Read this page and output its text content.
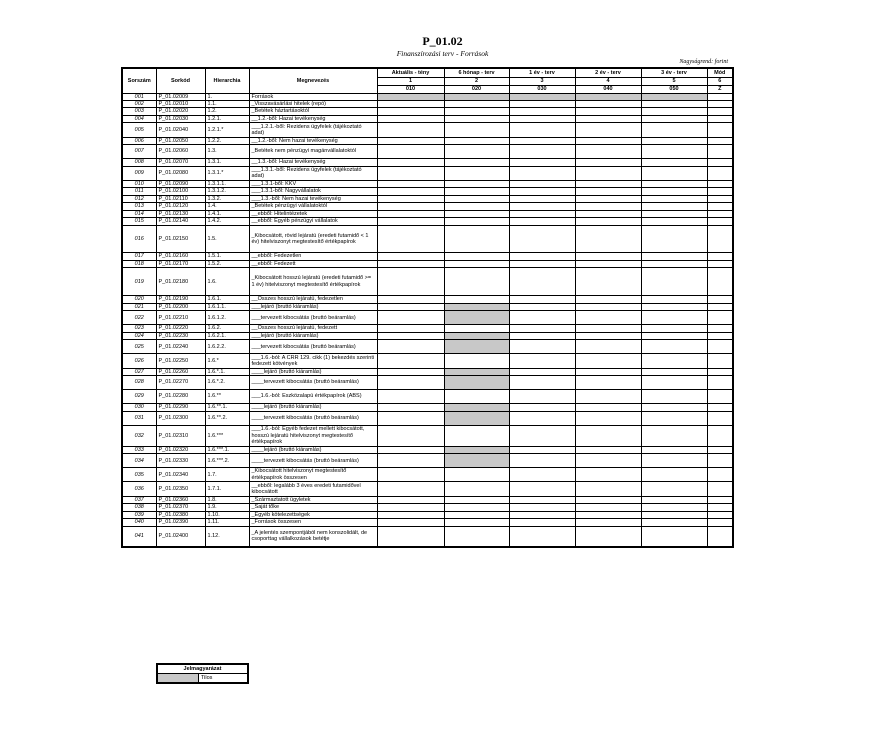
P_01.02
Finanszírozási terv - Források
Nagyságrend: forint
Sorszám	Sorkód	Hierarchia	Megnevezés	Aktuális - tény	6 hónap - terv	1 év - terv	2 év - terv	3 év - terv	Mód
				1	2	3	4	5	6
				010	020	030	040	050	Z
001	P_01.02009	1.	Források						
002	P_01.02010	1.1.	_Visszavásárlási hitelek (repó)						
003	P_01.02020	1.2.	_Betétek háztartásoktól						
004	P_01.02030	1.2.1.	__1.2.-ből: Hazai tevékenység						
005	P_01.02040	1.2.1.*	___1.2.1.-ből: Rezidens ügyfelek (tájékoztató adat)						
006	P_01.02050	1.2.2.	__1.2.-ből: Nem hazai tevékenység						
007	P_01.02060	1.3.	_Betétek nem pénzügyi magánvállalatoktól						
008	P_01.02070	1.3.1.	__1.3.-ből: Hazai tevékenység						
009	P_01.02080	1.3.1.*	___1.3.1.-ből: Rezidens ügyfelek (tájékoztató adat)						
010	P_01.02090	1.3.1.1.	___1.3.1-ből: KKV						
011	P_01.02100	1.3.1.2.	___1.3.1-ből: Nagyvállalatok						
012	P_01.02110	1.3.2.	___1.3.-ből: Nem hazai tevékenység						
013	P_01.02120	1.4.	_Betétek pénzügyi vállalatoktól						
014	P_01.02130	1.4.1.	__ebből: Hitelintézetek						
015	P_01.02140	1.4.2.	__ebből: Egyéb pénzügyi vállalatok						
016	P_01.02150	1.5.	_Kibocsátott, rövid lejáratú (eredeti futamidő < 1 év) hitelviszonyt megtestesítő értékpapírok						
017	P_01.02160	1.5.1.	__ebből: Fedezetlen						
018	P_01.02170	1.5.2.	__ebből: Fedezett						
019	P_01.02180	1.6.	_Kibocsátott hosszú lejáratú (eredeti futamidő >= 1 év) hitelviszonyt megtestesítő értékpapírok						
020	P_01.02190	1.6.1.	__Összes hosszú lejáratú, fedezetlen						
021	P_01.02200	1.6.1.1.	___lejáró (bruttó kiáramlás)						
022	P_01.02210	1.6.1.2.	___tervezett kibocsátás (bruttó beáramlás)						
023	P_01.02220	1.6.2.	__Összes hosszú lejáratú, fedezett						
024	P_01.02230	1.6.2.1.	___lejáró (bruttó kiáramlás)						
025	P_01.02240	1.6.2.2.	___tervezett kibocsátás (bruttó beáramlás)						
026	P_01.02250	1.6.*	___1.6.-ból: A CRR 129. cikk (1) bekezdés szerinti fedezett kötvények						
027	P_01.02260	1.6.*.1.	____lejáró (bruttó kiáramlás)						
028	P_01.02270	1.6.*.2.	____tervezett kibocsátás (bruttó beáramlás)						
029	P_01.02280	1.6.**	___1.6.-ból: Eszközalapú értékpapírok (ABS)						
030	P_01.02290	1.6.**.1.	____lejáró (bruttó kiáramlás)						
031	P_01.02300	1.6.**.2.	____tervezett kibocsátás (bruttó beáramlás)						
032	P_01.02310	1.6.***	___1.6.-ból: Egyéb fedezet mellett kibocsátott, hosszú lejáratú hitelviszonyt megtestesítő értékpapírok						
033	P_01.02320	1.6.***.1.	____lejáró (bruttó kiáramlás)						
034	P_01.02330	1.6.***.2.	____tervezett kibocsátás (bruttó beáramlás)						
035	P_01.02340	1.7.	_Kibocsátott hitelviszonyt megtestesítő értékpapírok összesen						
036	P_01.02350	1.7.1.	__ebből: legalább 3 éves eredeti futamidővel kibocsátott						
037	P_01.02360	1.8.	_Származtatott ügyletek						
038	P_01.02370	1.9.	_Saját tőke						
039	P_01.02380	1.10.	_Egyéb kötelezettségek						
040	P_01.02390	1.11.	_Források összesen						
041	P_01.02400	1.12.	_A jelentés szempontjából nem konszolidált, de csoporttag vállalkozások betétje						
Jelmagyarázat
	Tilos
